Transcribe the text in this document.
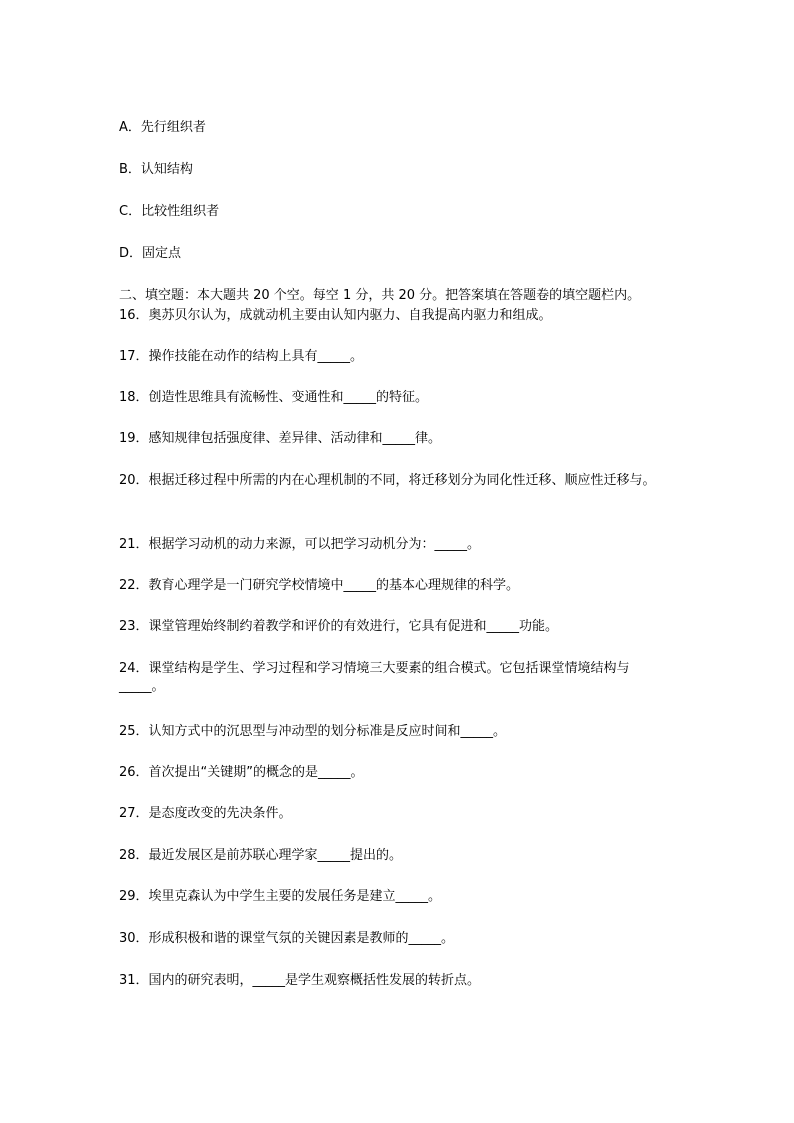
A．先行组织者
B．认知结构
C．比较性组织者
D．固定点
二、填空题：本大题共 20 个空。每空 1 分，共 20 分。把答案填在答题卷的填空题栏内。
16．奥苏贝尔认为，成就动机主要由认知内驱力、自我提高内驱力和组成。
17．操作技能在动作的结构上具有_____。
18．创造性思维具有流畅性、变通性和_____的特征。
19．感知规律包括强度律、差异律、活动律和_____律。
20．根据迁移过程中所需的内在心理机制的不同，将迁移划分为同化性迁移、顺应性迁移与。
21．根据学习动机的动力来源，可以把学习动机分为：_____。
22．教育心理学是一门研究学校情境中_____的基本心理规律的科学。
23．课堂管理始终制约着教学和评价的有效进行，它具有促进和_____功能。
24．课堂结构是学生、学习过程和学习情境三大要素的组合模式。它包括课堂情境结构与_____。
25．认知方式中的沉思型与冲动型的划分标准是反应时间和_____。
26．首次提出“关键期”的概念的是_____。
27．是态度改变的先决条件。
28．最近发展区是前苏联心理学家_____提出的。
29．埃里克森认为中学生主要的发展任务是建立_____。
30．形成积极和谐的课堂气氛的关键因素是教师的_____。
31．国内的研究表明，_____是学生观察概括性发展的转折点。
